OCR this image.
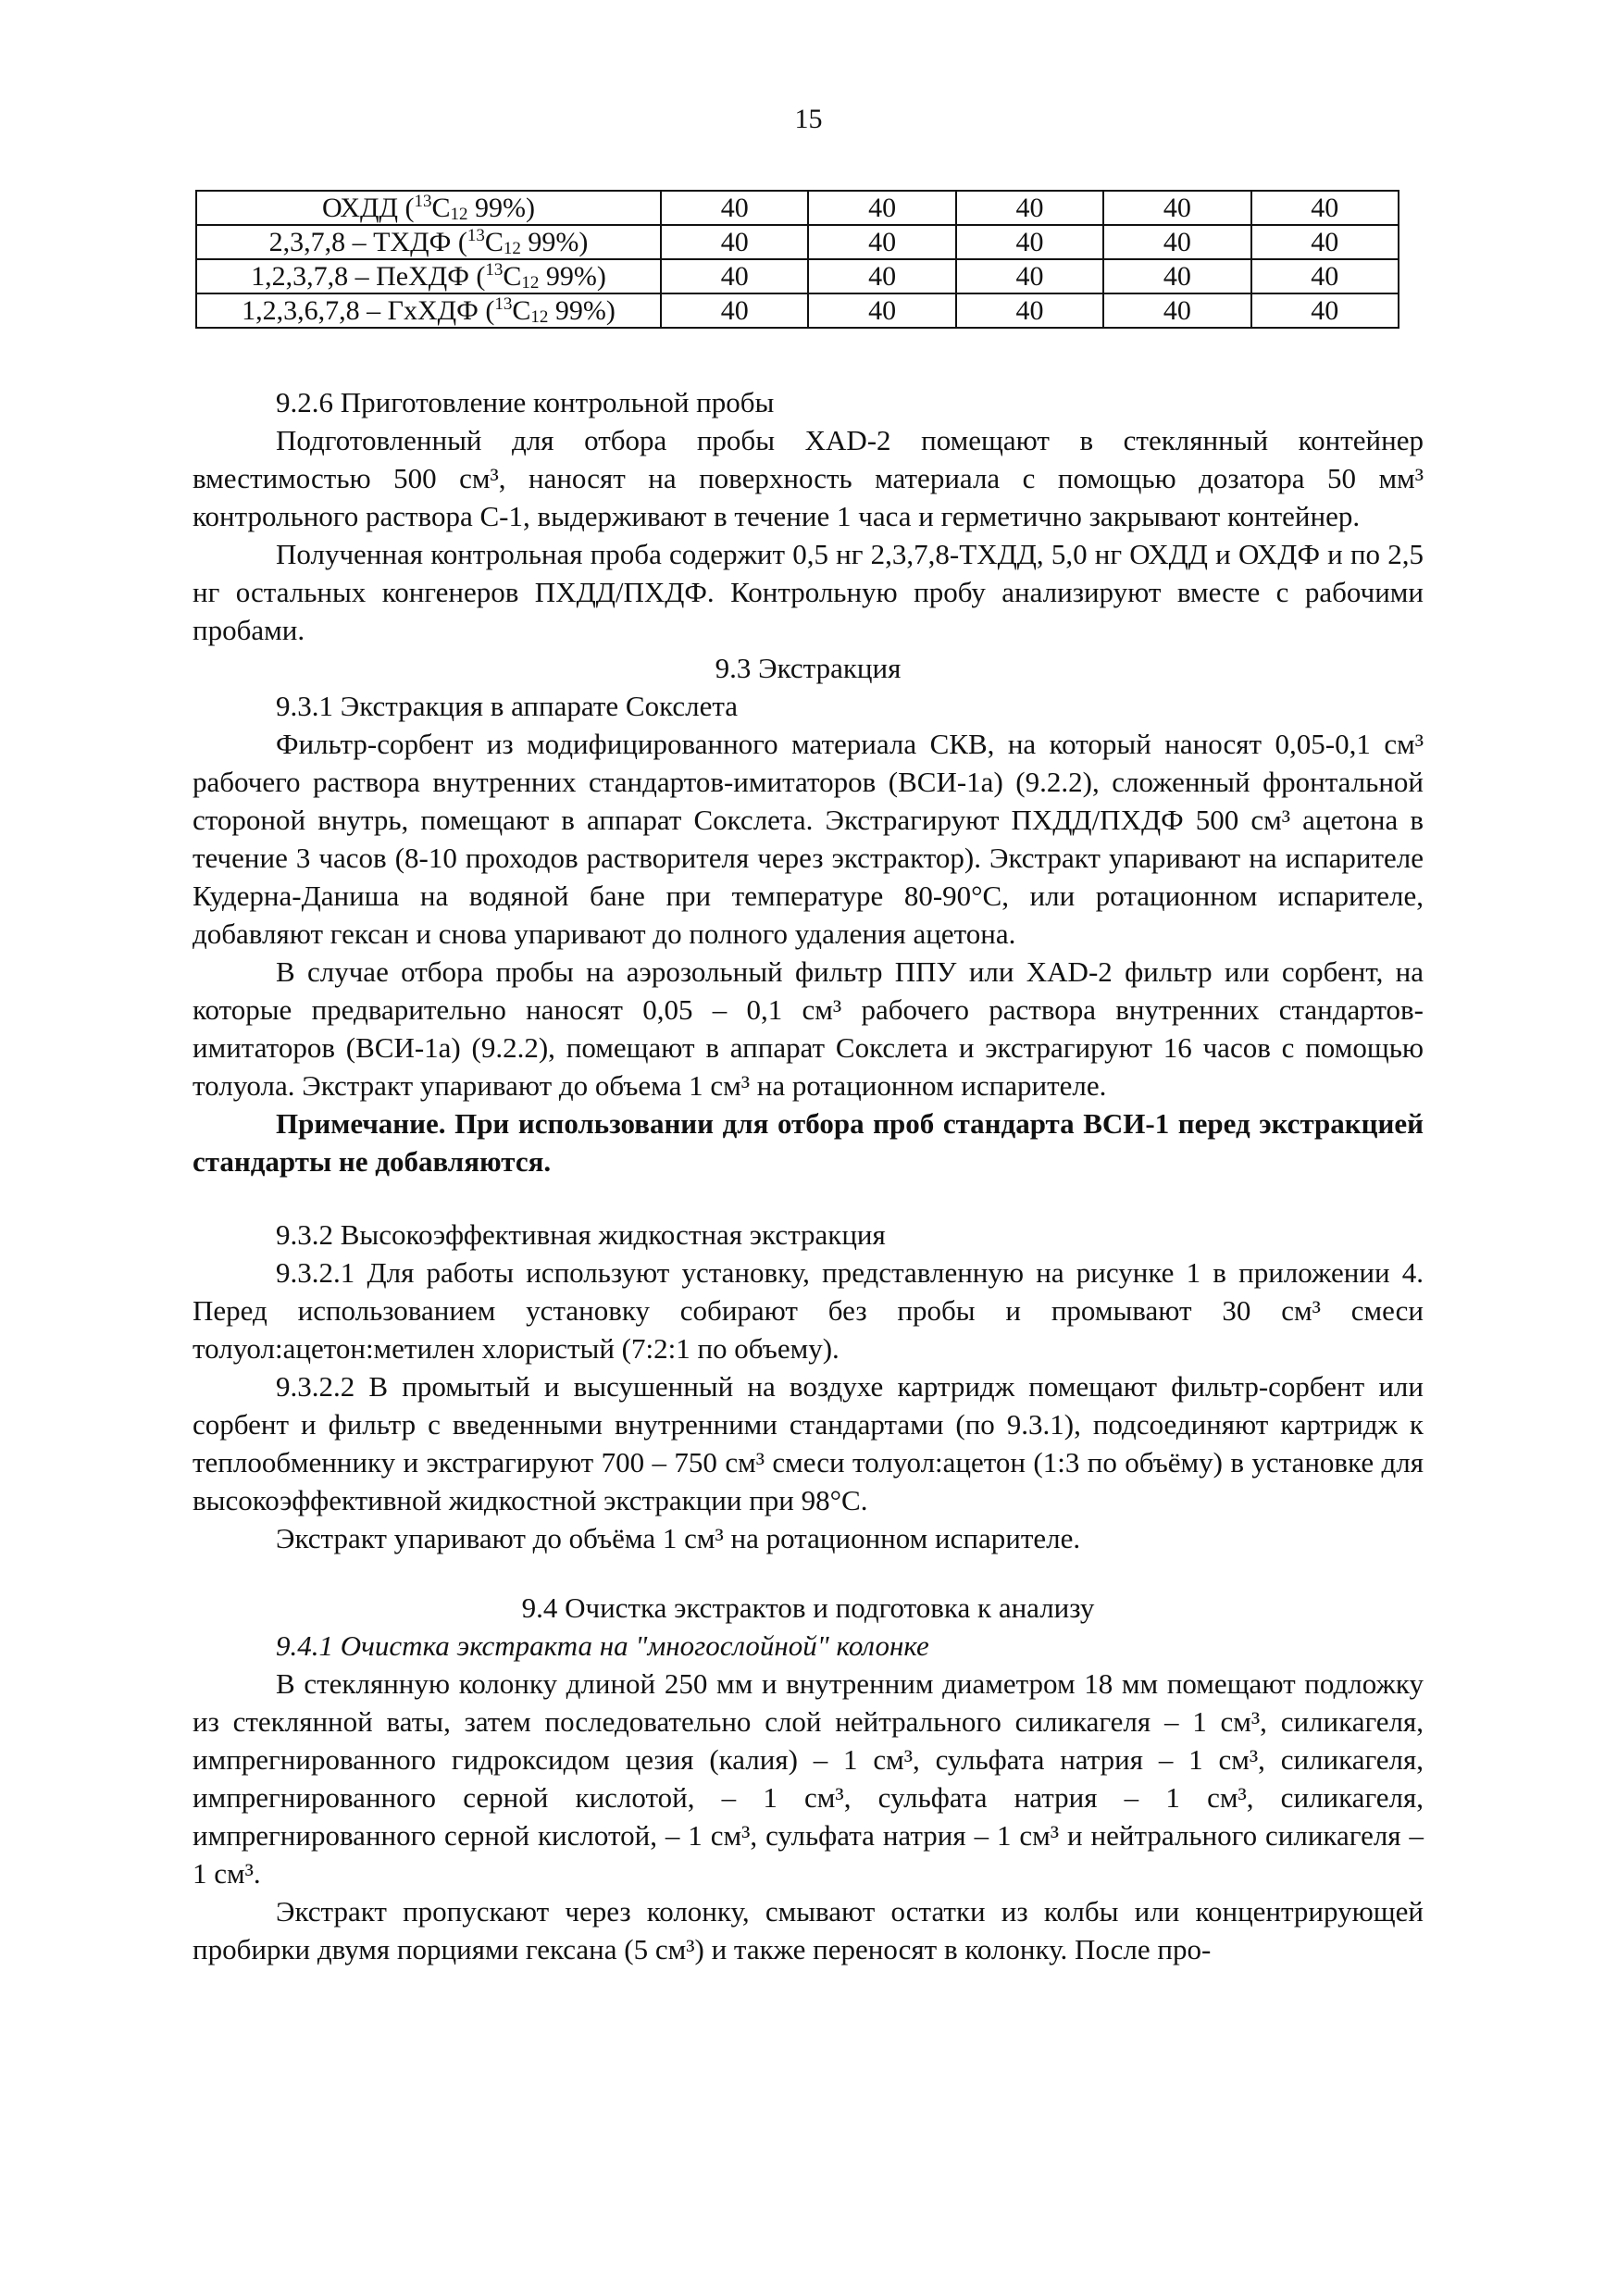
15
ОХДД ($^{13}C_{12}$ 99%)	40	40	40	40	40
2,3,7,8 – ТХДФ ($^{13}C_{12}$ 99%)	40	40	40	40	40
1,2,3,7,8 – ПеХДФ ($^{13}C_{12}$ 99%)	40	40	40	40	40
1,2,3,6,7,8 – ГхХДФ ($^{13}C_{12}$ 99%)	40	40	40	40	40

9.2.6 Приготовление контрольной пробы

Подготовленный для отбора пробы XAD-2 помещают в стеклянный контейнер вместимостью 500 см³, наносят на поверхность материала с помощью дозатора 50 мм³ контрольного раствора С-1, выдерживают в течение 1 часа и герметично закрывают контейнер.

Полученная контрольная проба содержит 0,5 нг 2,3,7,8-ТХДД, 5,0 нг ОХДД и ОХДФ и по 2,5 нг остальных конгенеров ПХДД/ПХДФ. Контрольную пробу анализируют вместе с рабочими пробами.

9.3 Экстракция

9.3.1 Экстракция в аппарате Сокслета

Фильтр-сорбент из модифицированного материала СКВ, на который наносят 0,05-0,1 см³ рабочего раствора внутренних стандартов-имитаторов (ВСИ-1а) (9.2.2), сложенный фронтальной стороной внутрь, помещают в аппарат Сокслета. Экстрагируют ПХДД/ПХДФ 500 см³ ацетона в течение 3 часов (8-10 проходов растворителя через экстрактор). Экстракт упаривают на испарителе Кудерна-Даниша на водяной бане при температуре 80-90°С, или ротационном испарителе, добавляют гексан и снова упаривают до полного удаления ацетона.

В случае отбора пробы на аэрозольный фильтр ППУ или XAD-2 фильтр или сорбент, на которые предварительно наносят 0,05 – 0,1 см³ рабочего раствора внутренних стандартов-имитаторов (ВСИ-1а) (9.2.2), помещают в аппарат Сокслета и экстрагируют 16 часов с помощью толуола. Экстракт упаривают до объема 1 см³ на ротационном испарителе.

Примечание. При использовании для отбора проб стандарта ВСИ-1 перед экстракцией стандарты не добавляются.

9.3.2 Высокоэффективная жидкостная экстракция

9.3.2.1 Для работы используют установку, представленную на рисунке 1 в приложении 4. Перед использованием установку собирают без пробы и промывают 30 см³ смеси толуол:ацетон:метилен хлористый (7:2:1 по объему).

9.3.2.2 В промытый и высушенный на воздухе картридж помещают фильтр-сорбент или сорбент и фильтр с введенными внутренними стандартами (по 9.3.1), подсоединяют картридж к теплообменнику и экстрагируют 700 – 750 см³ смеси толуол:ацетон (1:3 по объёму) в установке для высокоэффективной жидкостной экстракции при 98°С.

Экстракт упаривают до объёма 1 см³ на ротационном испарителе.

9.4 Очистка экстрактов и подготовка к анализу

9.4.1 Очистка экстракта на "многослойной" колонке

В стеклянную колонку длиной 250 мм и внутренним диаметром 18 мм помещают подложку из стеклянной ваты, затем последовательно слой нейтрального силикагеля – 1 см³, силикагеля, импрегнированного гидроксидом цезия (калия) – 1 см³, сульфата натрия – 1 см³, силикагеля, импрегнированного серной кислотой, – 1 см³, сульфата натрия – 1 см³, силикагеля, импрегнированного серной кислотой, – 1 см³, сульфата натрия – 1 см³ и нейтрального силикагеля – 1 см³.

Экстракт пропускают через колонку, смывают остатки из колбы или концентрирующей пробирки двумя порциями гексана (5 см³) и также переносят в колонку. После про-
